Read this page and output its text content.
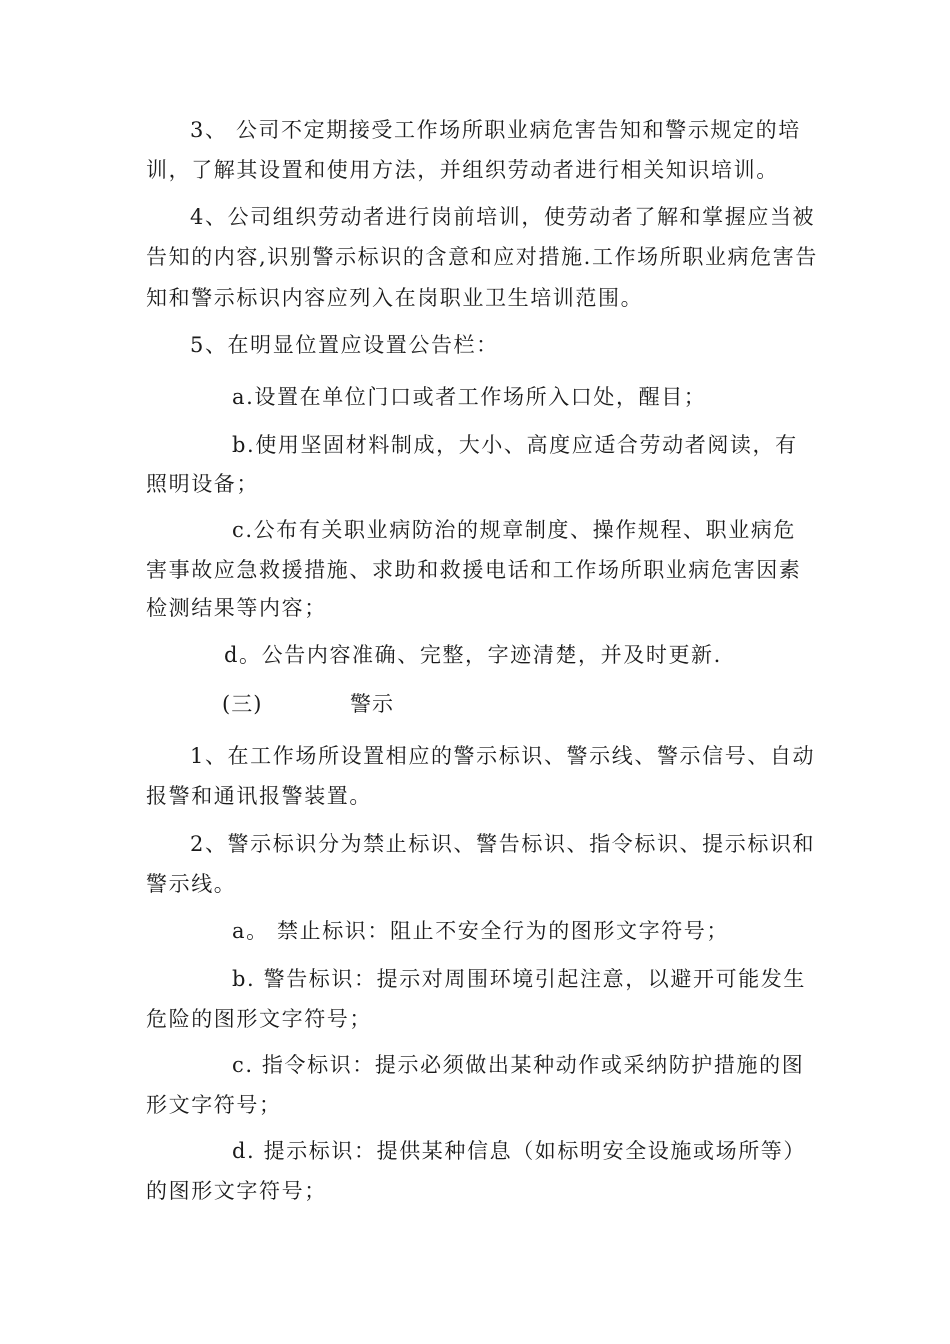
3、 公司不定期接受工作场所职业病危害告知和警示规定的培
训，了解其设置和使用方法，并组织劳动者进行相关知识培训。
4、公司组织劳动者进行岗前培训，使劳动者了解和掌握应当被
告知的内容,识别警示标识的含意和应对措施.工作场所职业病危害告
知和警示标识内容应列入在岗职业卫生培训范围。
5、在明显位置应设置公告栏：
a.设置在单位门口或者工作场所入口处，醒目；
b.使用坚固材料制成，大小、高度应适合劳动者阅读，有
照明设备；
c.公布有关职业病防治的规章制度、操作规程、职业病危
害事故应急救援措施、求助和救援电话和工作场所职业病危害因素
检测结果等内容；
d。公告内容准确、完整，字迹清楚，并及时更新.
(三)	警示
1、在工作场所设置相应的警示标识、警示线、警示信号、自动
报警和通讯报警装置。
2、警示标识分为禁止标识、警告标识、指令标识、提示标识和
警示线。
a。 禁止标识：阻止不安全行为的图形文字符号；
b. 警告标识：提示对周围环境引起注意，以避开可能发生
危险的图形文字符号；
c. 指令标识：提示必须做出某种动作或采纳防护措施的图
形文字符号；
d. 提示标识：提供某种信息（如标明安全设施或场所等）
的图形文字符号；
